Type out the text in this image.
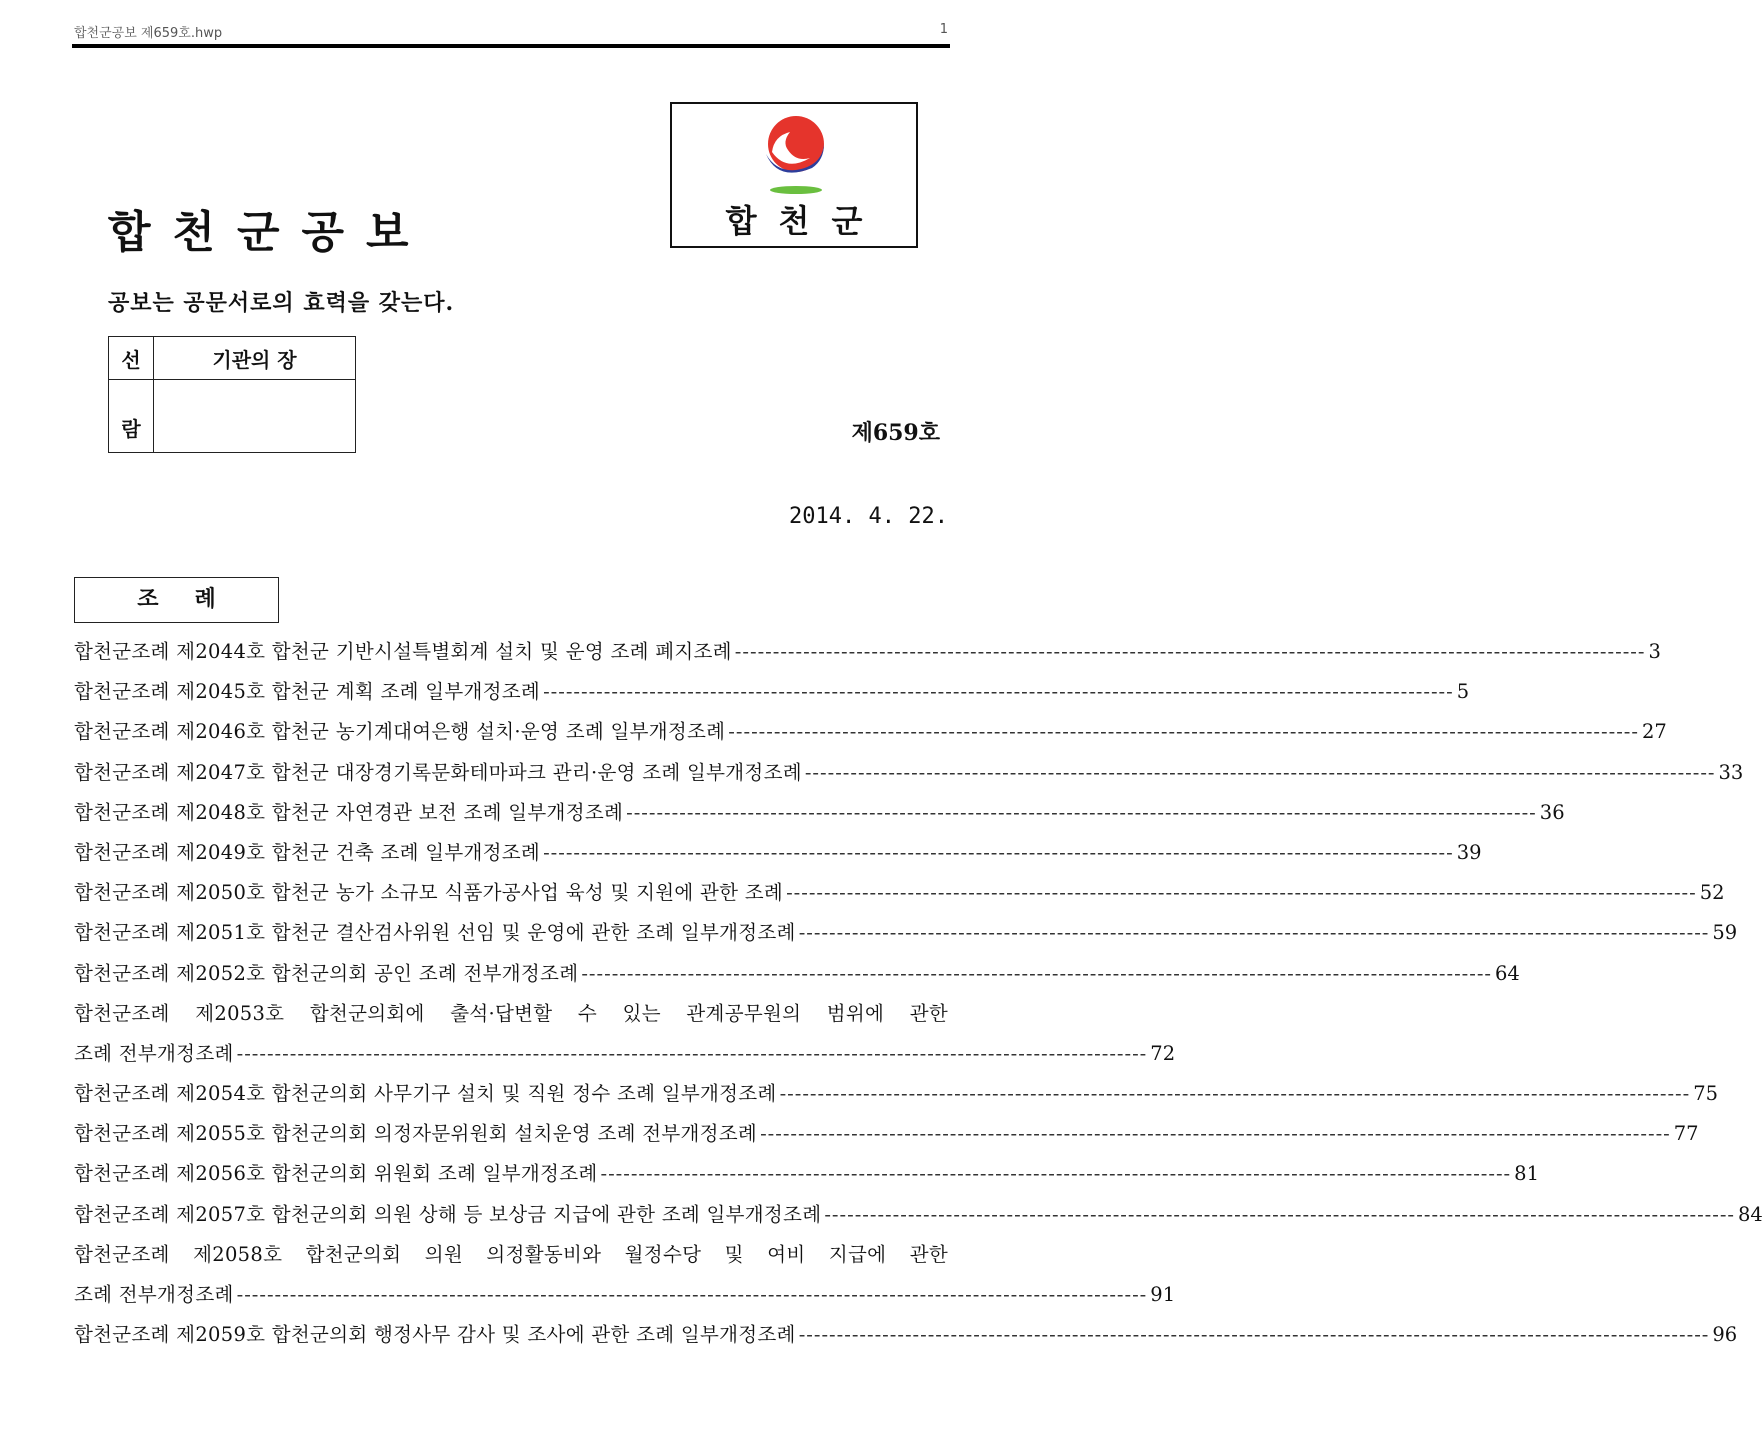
합천군공보 제659호.hwp	1
합천군공보
공보는 공문서로의 효력을 갖는다.
합천군
선	기관의 장
람		제659호
2014. 4. 22.
조례
합천군조례 제2044호 합천군 기반시설특별회계 설치 및 운영 조례 폐지조례 ------------------------------------------------------------------------------------------------------------------------ 3
합천군조례 제2045호 합천군 계획 조례 일부개정조례 ------------------------------------------------------------------------------------------------------------------------ 5
합천군조례 제2046호 합천군 농기계대여은행 설치·운영 조례 일부개정조례 ------------------------------------------------------------------------------------------------------------------------ 27
합천군조례 제2047호 합천군 대장경기록문화테마파크 관리·운영 조례 일부개정조례 ------------------------------------------------------------------------------------------------------------------------ 33
합천군조례 제2048호 합천군 자연경관 보전 조례 일부개정조례 ------------------------------------------------------------------------------------------------------------------------ 36
합천군조례 제2049호 합천군 건축 조례 일부개정조례 ------------------------------------------------------------------------------------------------------------------------ 39
합천군조례 제2050호 합천군 농가 소규모 식품가공사업 육성 및 지원에 관한 조례 ------------------------------------------------------------------------------------------------------------------------ 52
합천군조례 제2051호 합천군 결산검사위원 선임 및 운영에 관한 조례 일부개정조례 ------------------------------------------------------------------------------------------------------------------------ 59
합천군조례 제2052호 합천군의회 공인 조례 전부개정조례 ------------------------------------------------------------------------------------------------------------------------ 64
합천군조례 제2053호 합천군의회에 출석·답변할 수 있는 관계공무원의 범위에 관한
조례 전부개정조례 ------------------------------------------------------------------------------------------------------------------------ 72
합천군조례 제2054호 합천군의회 사무기구 설치 및 직원 정수 조례 일부개정조례 ------------------------------------------------------------------------------------------------------------------------ 75
합천군조례 제2055호 합천군의회 의정자문위원회 설치운영 조례 전부개정조례 ------------------------------------------------------------------------------------------------------------------------ 77
합천군조례 제2056호 합천군의회 위원회 조례 일부개정조례 ------------------------------------------------------------------------------------------------------------------------ 81
합천군조례 제2057호 합천군의회 의원 상해 등 보상금 지급에 관한 조례 일부개정조례 ------------------------------------------------------------------------------------------------------------------------ 84
합천군조례 제2058호 합천군의회 의원 의정활동비와 월정수당 및 여비 지급에 관한
조례 전부개정조례 ------------------------------------------------------------------------------------------------------------------------ 91
합천군조례 제2059호 합천군의회 행정사무 감사 및 조사에 관한 조례 일부개정조례 ------------------------------------------------------------------------------------------------------------------------ 96
